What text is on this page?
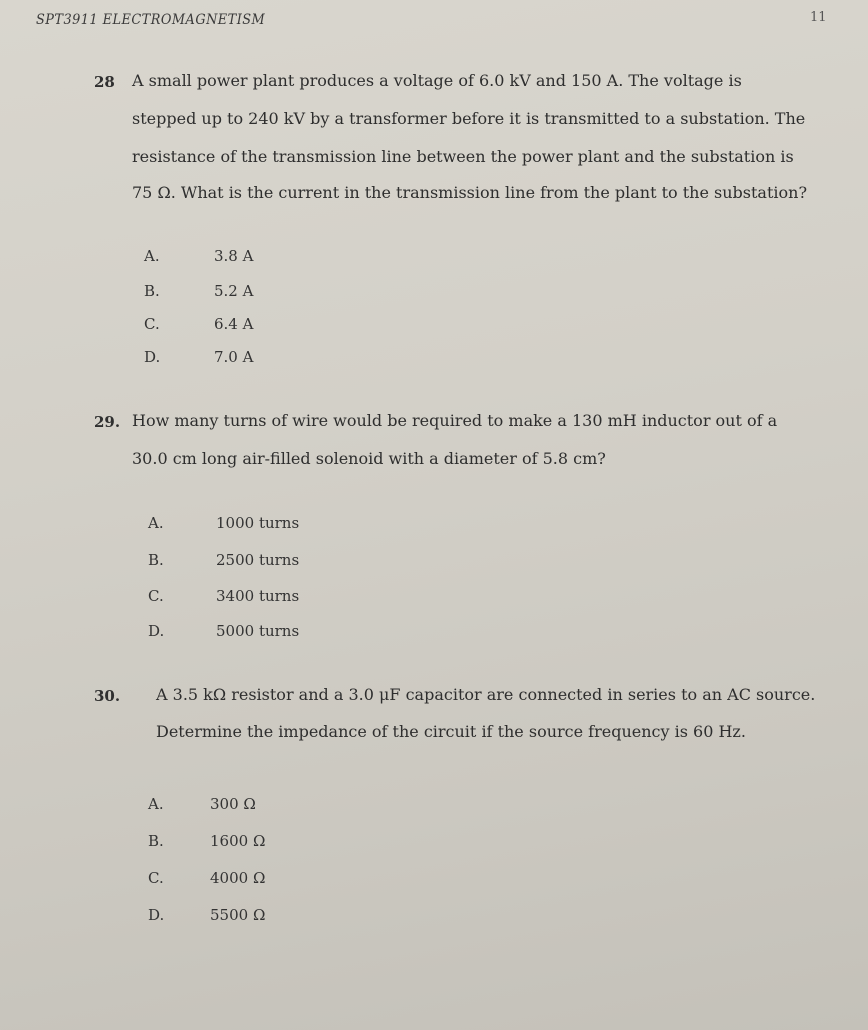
SPT3911 ELECTROMAGNETISM	11
28 A small power plant produces a voltage of 6.0 kV and 150 A. The voltage is
stepped up to 240 kV by a transformer before it is transmitted to a substation. The
resistance of the transmission line between the power plant and the substation is
75 Ω. What is the current in the transmission line from the plant to the substation?
A.	3.8 A
B.	5.2 A
C.	6.4 A
D.	7.0 A
29. How many turns of wire would be required to make a 130 mH inductor out of a
30.0 cm long air-filled solenoid with a diameter of 5.8 cm?
A.	1000 turns
B.	2500 turns
C.	3400 turns
D.	5000 turns
30. A 3.5 kΩ resistor and a 3.0 μF capacitor are connected in series to an AC source.
Determine the impedance of the circuit if the source frequency is 60 Hz.
A.	300 Ω
B.	1600 Ω
C.	4000 Ω
D.	5500 Ω
